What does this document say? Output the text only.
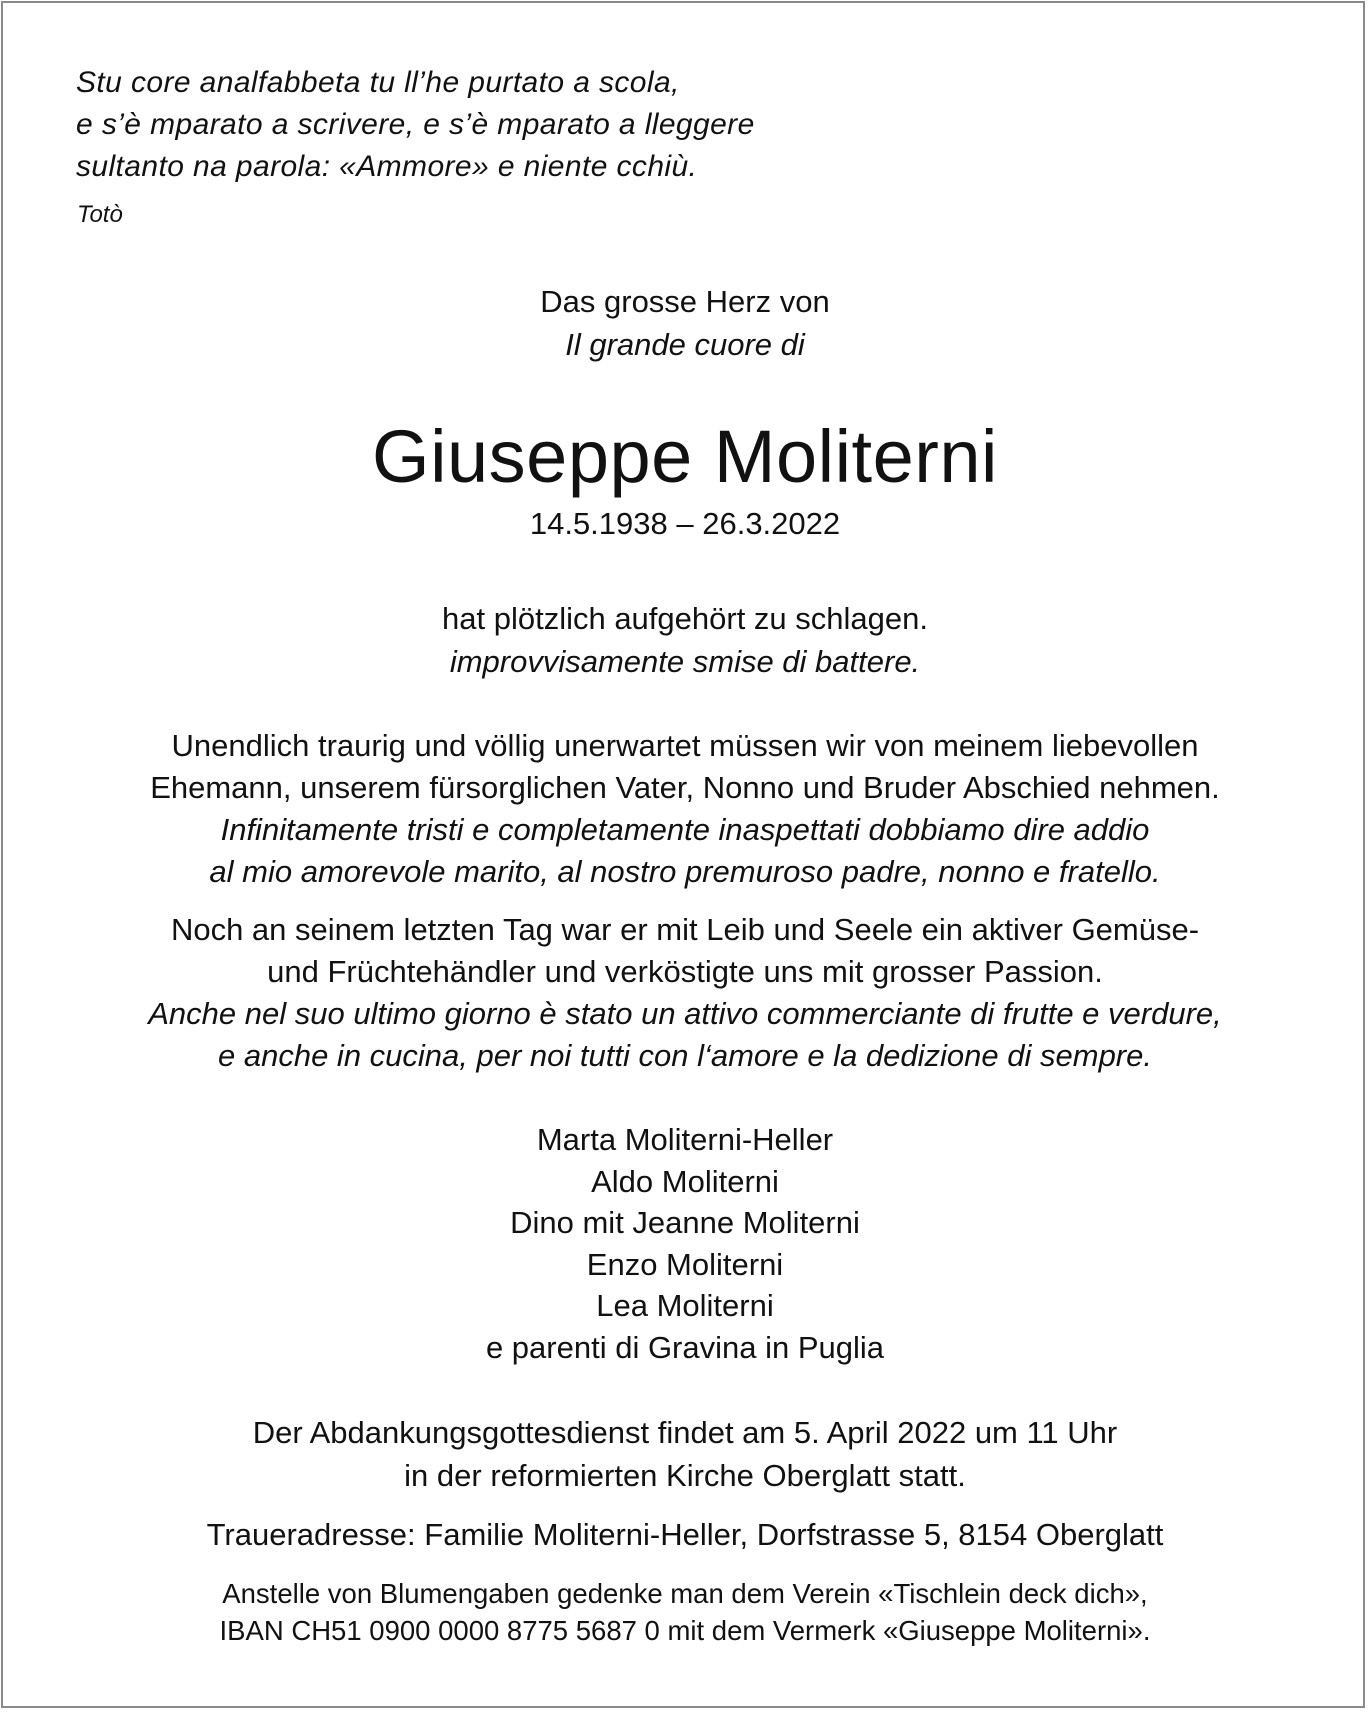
Stu core analfabbeta tu ll’he purtato a scola,
e s’è mparato a scrivere, e s’è mparato a lleggere
sultanto na parola: «Ammore» e niente cchiù.
Totò
Das grosse Herz von
Il grande cuore di
Giuseppe Moliterni
14.5.1938 – 26.3.2022
hat plötzlich aufgehört zu schlagen.
improvvisamente smise di battere.
Unendlich traurig und völlig unerwartet müssen wir von meinem liebevollen
Ehemann, unserem fürsorglichen Vater, Nonno und Bruder Abschied nehmen.
Infinitamente tristi e completamente inaspettati dobbiamo dire addio
al mio amorevole marito, al nostro premuroso padre, nonno e fratello.
Noch an seinem letzten Tag war er mit Leib und Seele ein aktiver Gemüse-
und Früchtehändler und verköstigte uns mit grosser Passion.
Anche nel suo ultimo giorno è stato un attivo commerciante di frutte e verdure,
e anche in cucina, per noi tutti con l‘amore e la dedizione di sempre.
Marta Moliterni-Heller
Aldo Moliterni
Dino mit Jeanne Moliterni
Enzo Moliterni
Lea Moliterni
e parenti di Gravina in Puglia
Der Abdankungsgottesdienst findet am 5. April 2022 um 11 Uhr
in der reformierten Kirche Oberglatt statt.
Traueradresse: Familie Moliterni-Heller, Dorfstrasse 5, 8154 Oberglatt
Anstelle von Blumengaben gedenke man dem Verein «Tischlein deck dich»,
IBAN CH51 0900 0000 8775 5687 0 mit dem Vermerk «Giuseppe Moliterni».
